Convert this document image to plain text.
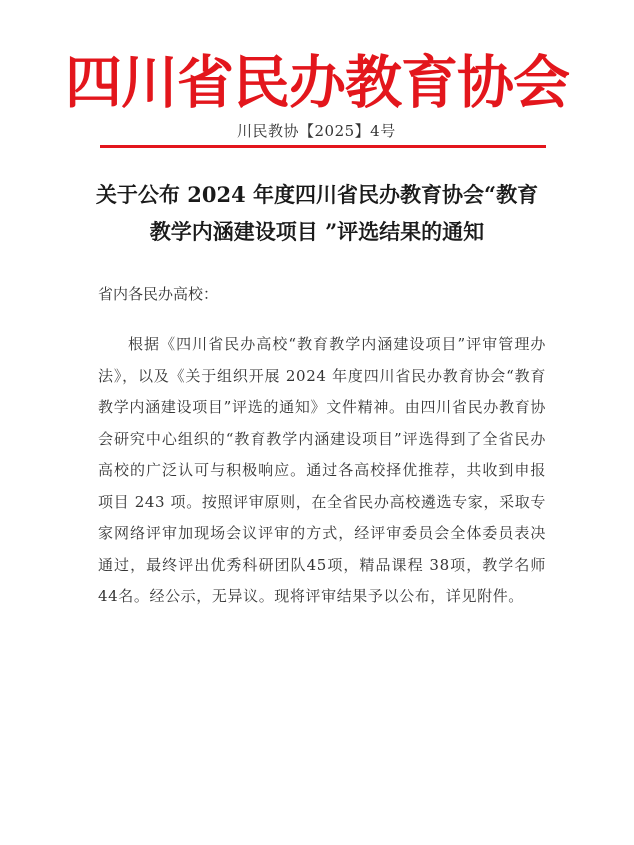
四川省民办教育协会
川民教协【2025】4号
关于公布 2024 年度四川省民办教育协会“教育
教学内涵建设项目 ”评选结果的通知
省内各民办高校：
根据《四川省民办高校“教育教学内涵建设项目”评审管理办法》，以及《关于组织开展 2024 年度四川省民办教育协会“教育教学内涵建设项目”评选的通知》文件精神。由四川省民办教育协会研究中心组织的“教育教学内涵建设项目”评选得到了全省民办高校的广泛认可与积极响应。通过各高校择优推荐，共收到申报项目 243 项。按照评审原则，在全省民办高校遴选专家，采取专家网络评审加现场会议评审的方式，经评审委员会全体委员表决通过，最终评出优秀科研团队45项，精品课程 38项，教学名师 44名。经公示，无异议。现将评审结果予以公布，详见附件。
